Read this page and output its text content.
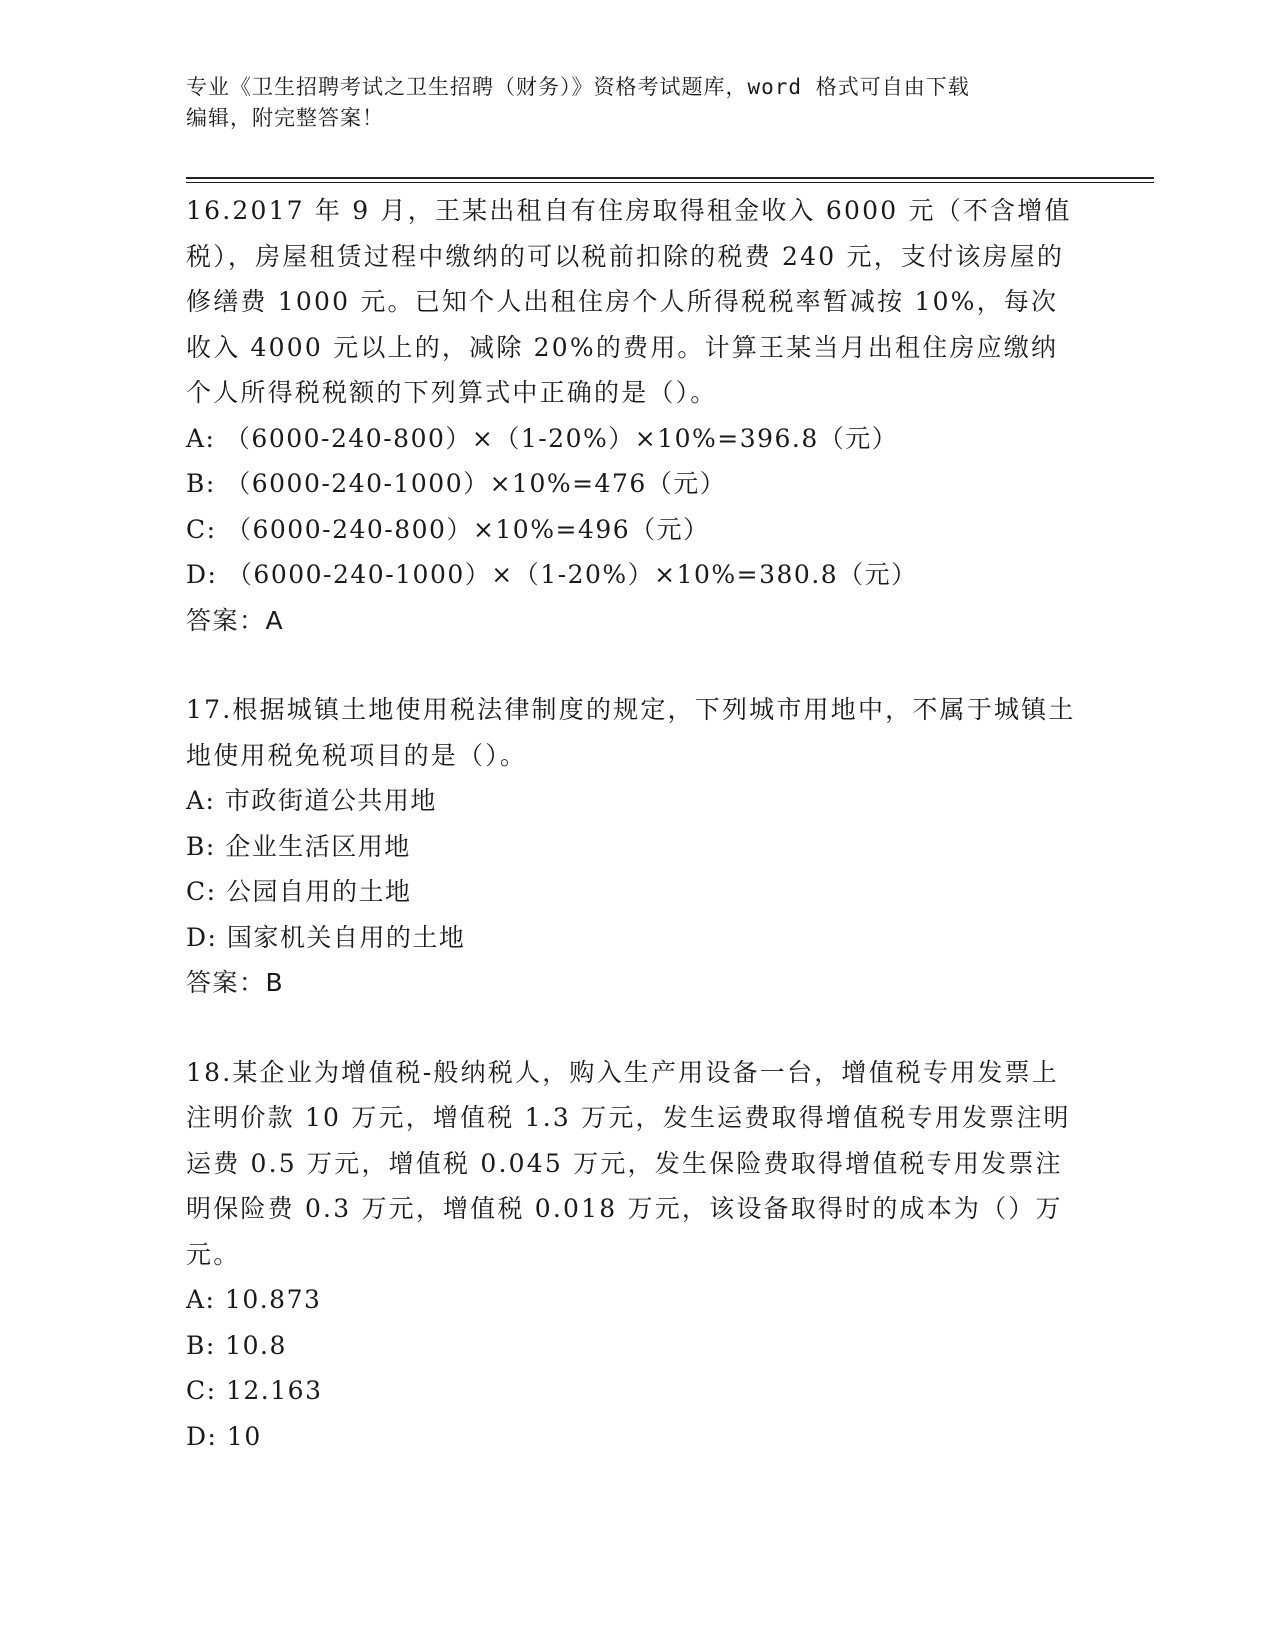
专业《卫生招聘考试之卫生招聘（财务）》资格考试题库，word 格式可自由下载
编辑，附完整答案！

16.2017 年 9 月，王某出租自有住房取得租金收入 6000 元（不含增值税），房屋租赁过程中缴纳的可以税前扣除的税费 240 元，支付该房屋的修缮费 1000 元。已知个人出租住房个人所得税税率暂减按 10%，每次收入 4000 元以上的，减除 20%的费用。计算王某当月出租住房应缴纳个人所得税税额的下列算式中正确的是（）。

A: （6000-240-800）×（1-20%）×10%=396.8（元）
B: （6000-240-1000）×10%=476（元）
C: （6000-240-800）×10%=496（元）
D: （6000-240-1000）×（1-20%）×10%=380.8（元）

答案：A

17.根据城镇土地使用税法律制度的规定，下列城市用地中，不属于城镇土地使用税免税项目的是（）。

A: 市政街道公共用地
B: 企业生活区用地
C: 公园自用的土地
D: 国家机关自用的土地

答案：B

18.某企业为增值税-般纳税人，购入生产用设备一台，增值税专用发票上注明价款 10 万元，增值税 1.3 万元，发生运费取得增值税专用发票注明运费 0.5 万元，增值税 0.045 万元，发生保险费取得增值税专用发票注明保险费 0.3 万元，增值税 0.018 万元，该设备取得时的成本为（）万元。

A: 10.873
B: 10.8
C: 12.163
D: 10
